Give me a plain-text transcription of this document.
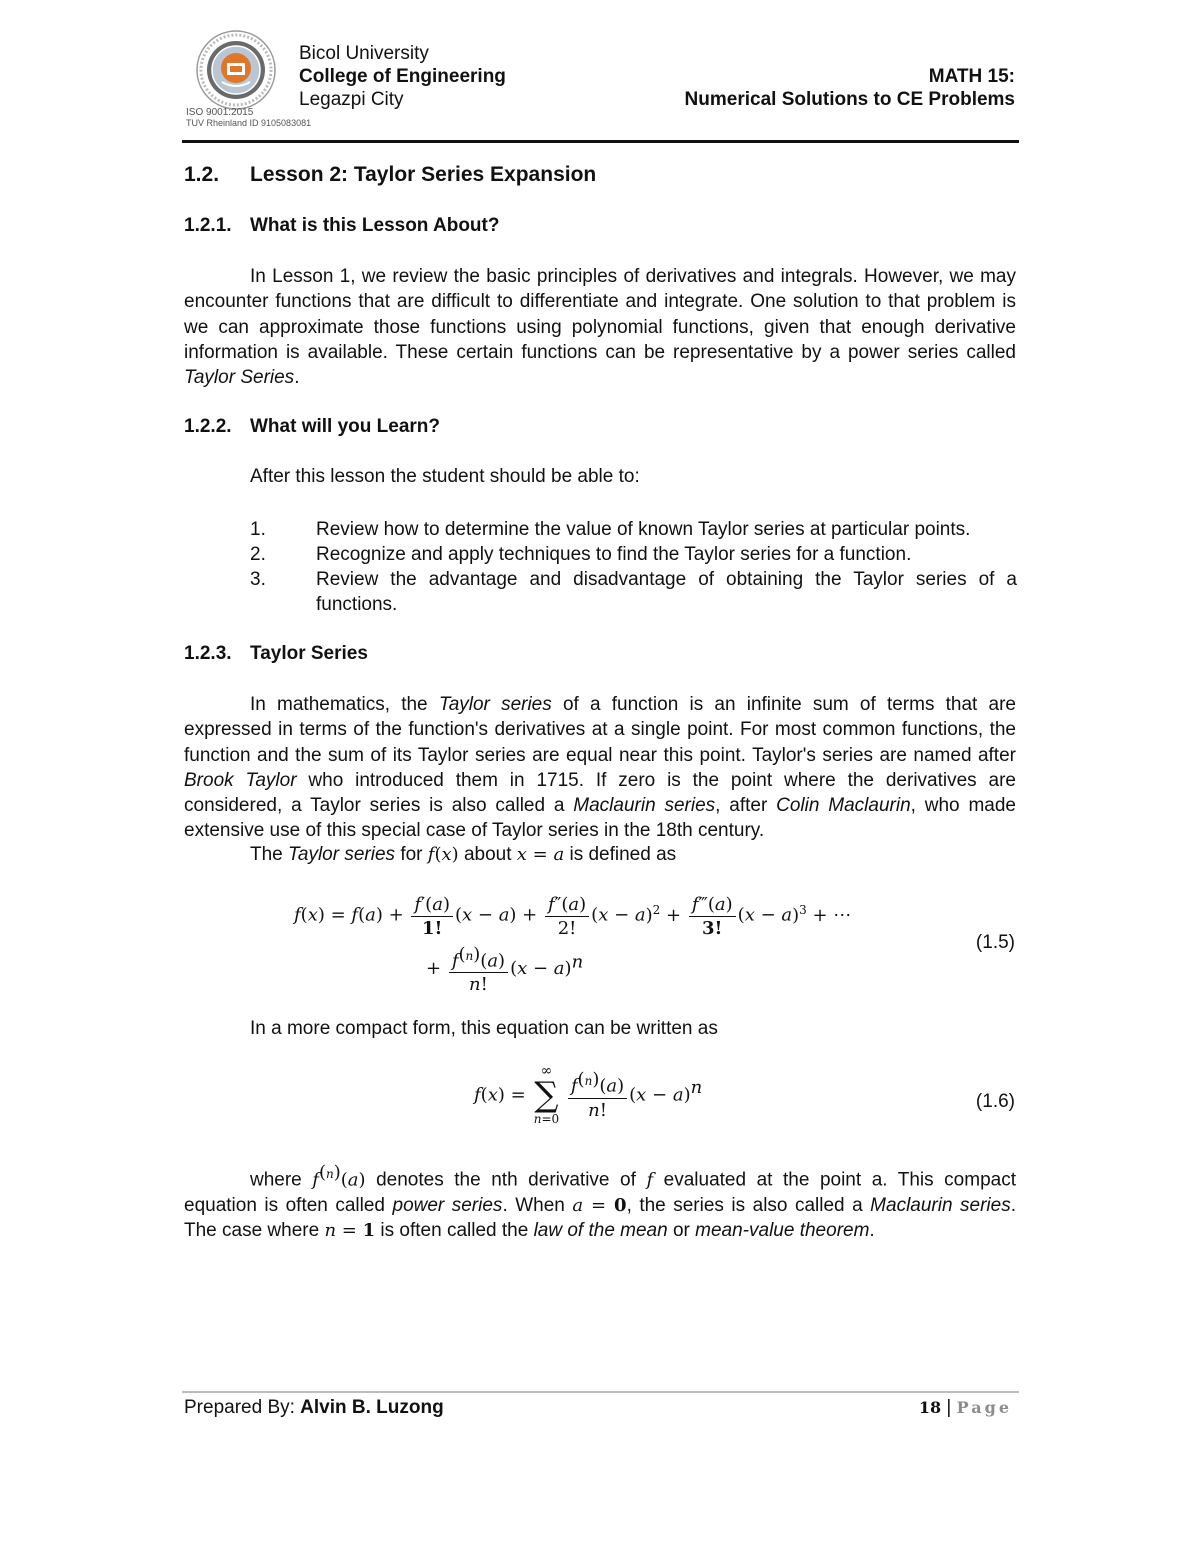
ISO 9001:2015
TUV Rheinland ID 9105083081
Bicol University
College of Engineering
Legazpi City
MATH 15:
Numerical Solutions to CE Problems
1.2. Lesson 2: Taylor Series Expansion
1.2.1. What is this Lesson About?
In Lesson 1, we review the basic principles of derivatives and integrals. However, we may encounter functions that are difficult to differentiate and integrate. One solution to that problem is we can approximate those functions using polynomial functions, given that enough derivative information is available. These certain functions can be representative by a power series called Taylor Series.
1.2.2. What will you Learn?
After this lesson the student should be able to:
1.	Review how to determine the value of known Taylor series at particular points.
2.	Recognize and apply techniques to find the Taylor series for a function.
3.	Review the advantage and disadvantage of obtaining the Taylor series of a functions.
1.2.3. Taylor Series
In mathematics, the Taylor series of a function is an infinite sum of terms that are expressed in terms of the function's derivatives at a single point. For most common functions, the function and the sum of its Taylor series are equal near this point. Taylor's series are named after Brook Taylor who introduced them in 1715. If zero is the point where the derivatives are considered, a Taylor series is also called a Maclaurin series, after Colin Maclaurin, who made extensive use of this special case of Taylor series in the 18th century.
The Taylor series for f(x) about x = a is defined as
$f(x) = f(a) + \frac{f'(a)}{1!} (x - a) + \frac{f''(a)}{2!} (x - a)^2 + \frac{f‴(a)}{3!} (x - a)^3$ + ⋯
+ $\frac{f^{(n)}(a)}{n!} (x - a)^n$
(1.5)
In a more compact form, this equation can be written as
f(x) =
∞
∑
n=0
$\frac{f^{(n)}(a)}{n!} (x - a)^n$
(1.6)
where $f^{(n)}(a)$ denotes the nth derivative of f evaluated at the point a. This compact equation is often called power series. When a = 0, the series is also called a Maclaurin series. The case where n = 1 is often called the law of the mean or mean-value theorem.
Prepared By: Alvin B. Luzong	18 | Page
